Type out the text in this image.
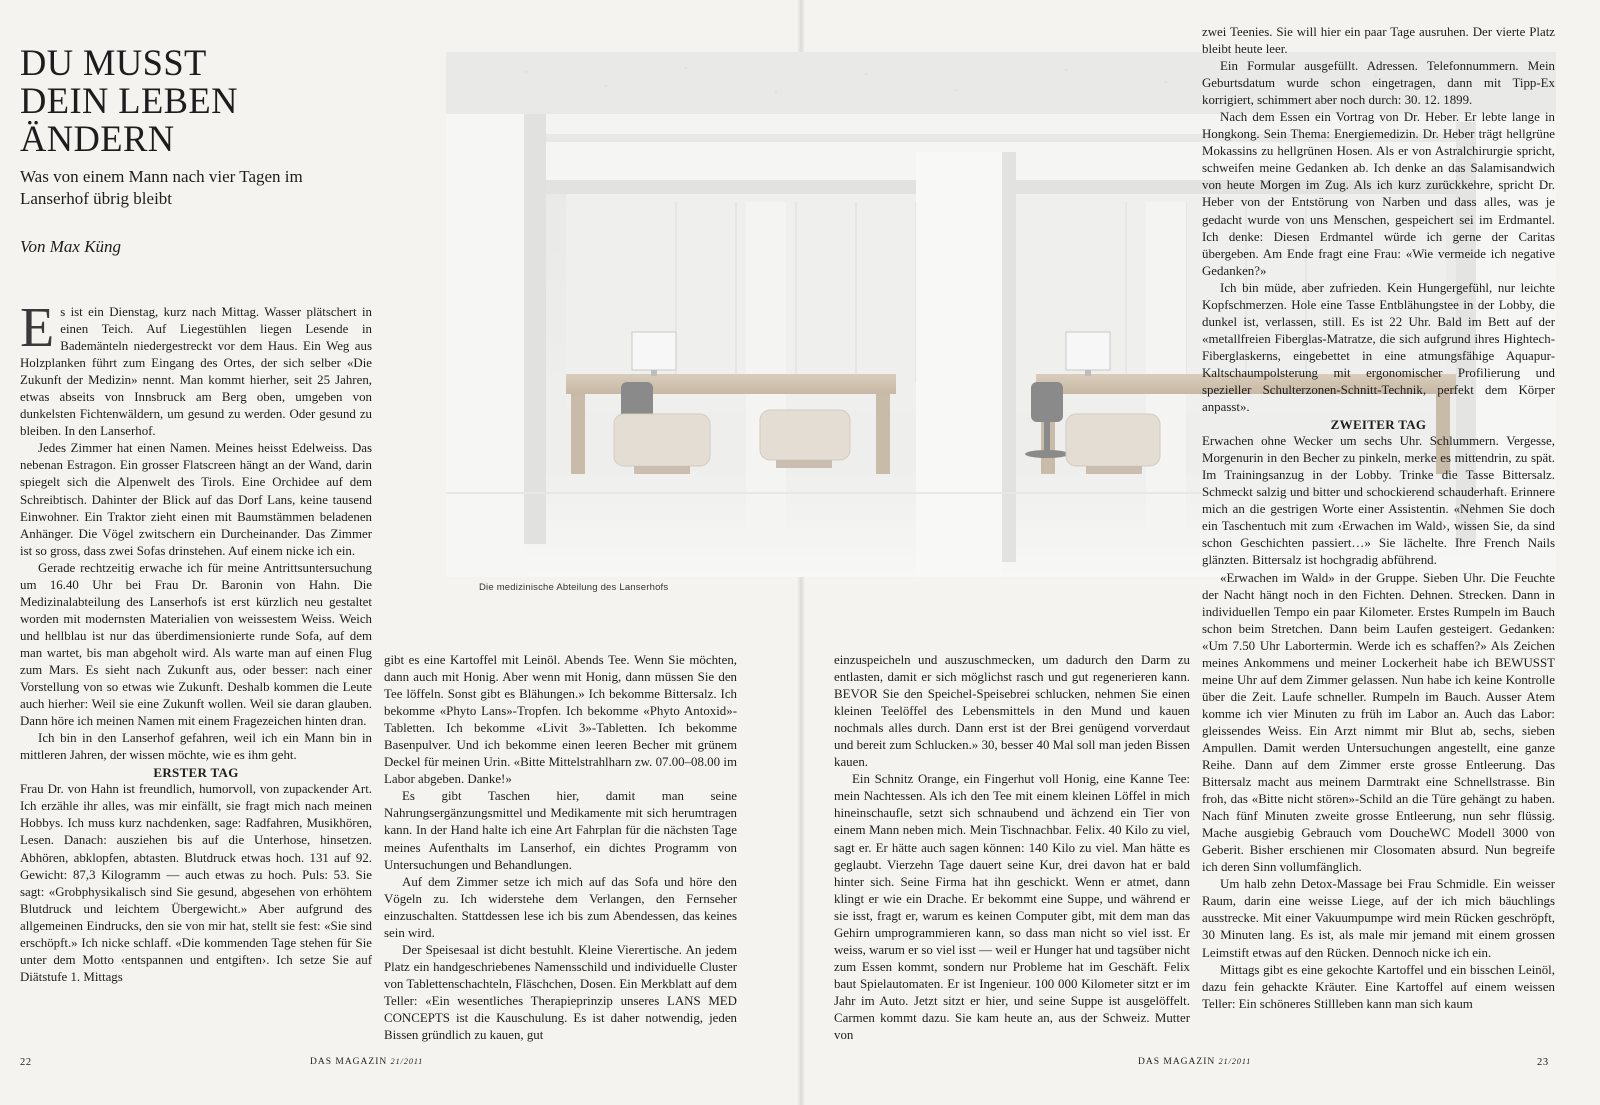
DU MUSST
DEIN LEBEN
ÄNDERN
Was von einem Mann nach vier Tagen im Lanserhof übrig bleibt
Von Max Küng
Die medizinische Abteilung des Lanserhofs

Es ist ein Dienstag, kurz nach Mittag. Wasser plätschert in einen Teich. Auf Liegestühlen liegen Lesende in Bademänteln niedergestreckt vor dem Haus. Ein Weg aus Holzplanken führt zum Eingang des Ortes, der sich selber «Die Zukunft der Medizin» nennt. Man kommt hierher, seit 25 Jahren, etwas abseits von Innsbruck am Berg oben, umgeben von dunkelsten Fichtenwäldern, um gesund zu werden. Oder gesund zu bleiben. In den Lanserhof.

Jedes Zimmer hat einen Namen. Meines heisst Edelweiss. Das nebenan Estragon. Ein grosser Flatscreen hängt an der Wand, darin spiegelt sich die Alpenwelt des Tirols. Eine Orchidee auf dem Schreibtisch. Dahinter der Blick auf das Dorf Lans, keine tausend Einwohner. Ein Traktor zieht einen mit Baumstämmen beladenen Anhänger. Die Vögel zwitschern ein Durcheinander. Das Zimmer ist so gross, dass zwei Sofas drinstehen. Auf einem nicke ich ein.

Gerade rechtzeitig erwache ich für meine Antrittsuntersuchung um 16.40 Uhr bei Frau Dr. Baronin von Hahn. Die Medizinalabteilung des Lanserhofs ist erst kürzlich neu gestaltet worden mit modernsten Materialien von weissestem Weiss. Weich und hellblau ist nur das überdimensionierte runde Sofa, auf dem man wartet, bis man abgeholt wird. Als warte man auf einen Flug zum Mars. Es sieht nach Zukunft aus, oder besser: nach einer Vorstellung von so etwas wie Zukunft. Deshalb kommen die Leute auch hierher: Weil sie eine Zukunft wollen. Weil sie daran glauben. Dann höre ich meinen Namen mit einem Fragezeichen hinten dran.

Ich bin in den Lanserhof gefahren, weil ich ein Mann bin in mittleren Jahren, der wissen möchte, wie es ihm geht.

ERSTER TAG

Frau Dr. von Hahn ist freundlich, humorvoll, von zupackender Art. Ich erzähle ihr alles, was mir einfällt, sie fragt mich nach meinen Hobbys. Ich muss kurz nachdenken, sage: Radfahren, Musikhören, Lesen. Danach: ausziehen bis auf die Unterhose, hinsetzen. Abhören, abklopfen, abtasten. Blutdruck etwas hoch. 131 auf 92. Gewicht: 87,3 Kilogramm — auch etwas zu hoch. Puls: 53. Sie sagt: «Grobphysikalisch sind Sie gesund, abgesehen von erhöhtem Blutdruck und leichtem Übergewicht.» Aber aufgrund des allgemeinen Eindrucks, den sie von mir hat, stellt sie fest: «Sie sind erschöpft.» Ich nicke schlaff. «Die kommenden Tage stehen für Sie unter dem Motto ‹entspannen und entgiften›. Ich setze Sie auf Diätstufe 1. Mittags

gibt es eine Kartoffel mit Leinöl. Abends Tee. Wenn Sie möchten, dann auch mit Honig. Aber wenn mit Honig, dann müssen Sie den Tee löffeln. Sonst gibt es Blähungen.» Ich bekomme Bittersalz. Ich bekomme «Phyto Lans»-Tropfen. Ich bekomme «Phyto Antoxid»-Tabletten. Ich bekomme «Livit 3»-Tabletten. Ich bekomme Basenpulver. Und ich bekomme einen leeren Becher mit grünem Deckel für meinen Urin. «Bitte Mittelstrahlharn zw. 07.00–08.00 im Labor abgeben. Danke!»

Es gibt Taschen hier, damit man seine Nahrungsergänzungsmittel und Medikamente mit sich herumtragen kann. In der Hand halte ich eine Art Fahrplan für die nächsten Tage meines Aufenthalts im Lanserhof, ein dichtes Programm von Untersuchungen und Behandlungen.

Auf dem Zimmer setze ich mich auf das Sofa und höre den Vögeln zu. Ich widerstehe dem Verlangen, den Fernseher einzuschalten. Stattdessen lese ich bis zum Abendessen, das keines sein wird.

Der Speisesaal ist dicht bestuhlt. Kleine Vierertische. An jedem Platz ein handgeschriebenes Namensschild und individuelle Cluster von Tablettenschachteln, Fläschchen, Dosen. Ein Merkblatt auf dem Teller: «Ein wesentliches Therapieprinzip unseres LANS MED CONCEPTS ist die Kauschulung. Es ist daher notwendig, jeden Bissen gründlich zu kauen, gut

einzuspeicheln und auszuschmecken, um dadurch den Darm zu entlasten, damit er sich möglichst rasch und gut regenerieren kann. BEVOR Sie den Speichel-Speisebrei schlucken, nehmen Sie einen kleinen Teelöffel des Lebensmittels in den Mund und kauen nochmals alles durch. Dann erst ist der Brei genügend vorverdaut und bereit zum Schlucken.» 30, besser 40 Mal soll man jeden Bissen kauen.

Ein Schnitz Orange, ein Fingerhut voll Honig, eine Kanne Tee: mein Nachtessen. Als ich den Tee mit einem kleinen Löffel in mich hineinschaufle, setzt sich schnaubend und ächzend ein Tier von einem Mann neben mich. Mein Tischnachbar. Felix. 40 Kilo zu viel, sagt er. Er hätte auch sagen können: 140 Kilo zu viel. Man hätte es geglaubt. Vierzehn Tage dauert seine Kur, drei davon hat er bald hinter sich. Seine Firma hat ihn geschickt. Wenn er atmet, dann klingt er wie ein Drache. Er bekommt eine Suppe, und während er sie isst, fragt er, warum es keinen Computer gibt, mit dem man das Gehirn umprogrammieren kann, so dass man nicht so viel isst. Er weiss, warum er so viel isst — weil er Hunger hat und tagsüber nicht zum Essen kommt, sondern nur Probleme hat im Geschäft. Felix baut Spielautomaten. Er ist Ingenieur. 100 000 Kilometer sitzt er im Jahr im Auto. Jetzt sitzt er hier, und seine Suppe ist ausgelöffelt. Carmen kommt dazu. Sie kam heute an, aus der Schweiz. Mutter von

zwei Teenies. Sie will hier ein paar Tage ausruhen. Der vierte Platz bleibt heute leer.

Ein Formular ausgefüllt. Adressen. Telefonnummern. Mein Geburtsdatum wurde schon eingetragen, dann mit Tipp-Ex korrigiert, schimmert aber noch durch: 30. 12. 1899.

Nach dem Essen ein Vortrag von Dr. Heber. Er lebte lange in Hongkong. Sein Thema: Energiemedizin. Dr. Heber trägt hellgrüne Mokassins zu hellgrünen Hosen. Als er von Astralchirurgie spricht, schweifen meine Gedanken ab. Ich denke an das Salamisandwich von heute Morgen im Zug. Als ich kurz zurückkehre, spricht Dr. Heber von der Entstörung von Narben und dass alles, was je gedacht wurde von uns Menschen, gespeichert sei im Erdmantel. Ich denke: Diesen Erdmantel würde ich gerne der Caritas übergeben. Am Ende fragt eine Frau: «Wie vermeide ich negative Gedanken?»

Ich bin müde, aber zufrieden. Kein Hungergefühl, nur leichte Kopfschmerzen. Hole eine Tasse Entblähungstee in der Lobby, die dunkel ist, verlassen, still. Es ist 22 Uhr. Bald im Bett auf der «metallfreien Fiberglas-Matratze, die sich aufgrund ihres Hightech-Fiberglaskerns, eingebettet in eine atmungsfähige Aquapur-Kaltschaumpolsterung mit ergonomischer Profilierung und spezieller Schulterzonen-Schnitt-Technik, perfekt dem Körper anpasst».

ZWEITER TAG

Erwachen ohne Wecker um sechs Uhr. Schlummern. Vergesse, Morgenurin in den Becher zu pinkeln, merke es mittendrin, zu spät. Im Trainingsanzug in der Lobby. Trinke die Tasse Bittersalz. Schmeckt salzig und bitter und schockierend schauderhaft. Erinnere mich an die gestrigen Worte einer Assistentin. «Nehmen Sie doch ein Taschentuch mit zum ‹Erwachen im Wald›, wissen Sie, da sind schon Geschichten passiert…» Sie lächelte. Ihre French Nails glänzten. Bittersalz ist hochgradig abführend.

«Erwachen im Wald» in der Gruppe. Sieben Uhr. Die Feuchte der Nacht hängt noch in den Fichten. Dehnen. Strecken. Dann in individuellen Tempo ein paar Kilometer. Erstes Rumpeln im Bauch schon beim Stretchen. Dann beim Laufen gesteigert. Gedanken: «Um 7.50 Uhr Labortermin. Werde ich es schaffen?» Als Zeichen meines Ankommens und meiner Lockerheit habe ich BEWUSST meine Uhr auf dem Zimmer gelassen. Nun habe ich keine Kontrolle über die Zeit. Laufe schneller. Rumpeln im Bauch. Ausser Atem komme ich vier Minuten zu früh im Labor an. Auch das Labor: gleissendes Weiss. Ein Arzt nimmt mir Blut ab, sechs, sieben Ampullen. Damit werden Untersuchungen angestellt, eine ganze Reihe. Dann auf dem Zimmer erste grosse Entleerung. Das Bittersalz macht aus meinem Darmtrakt eine Schnellstrasse. Bin froh, das «Bitte nicht stören»-Schild an die Türe gehängt zu haben. Nach fünf Minuten zweite grosse Entleerung, nun sehr flüssig. Mache ausgiebig Gebrauch vom DoucheWC Modell 3000 von Geberit. Bisher erschienen mir Closomaten absurd. Nun begreife ich deren Sinn vollumfänglich.

Um halb zehn Detox-Massage bei Frau Schmidle. Ein weisser Raum, darin eine weisse Liege, auf der ich mich bäuchlings ausstrecke. Mit einer Vakuumpumpe wird mein Rücken geschröpft, 30 Minuten lang. Es ist, als male mir jemand mit einem grossen Leimstift etwas auf den Rücken. Dennoch nicke ich ein.

Mittags gibt es eine gekochte Kartoffel und ein bisschen Leinöl, dazu fein gehackte Kräuter. Eine Kartoffel auf einem weissen Teller: Ein schöneres Stillleben kann man sich kaum

22	DAS MAGAZIN 21/2011	DAS MAGAZIN 21/2011	23
